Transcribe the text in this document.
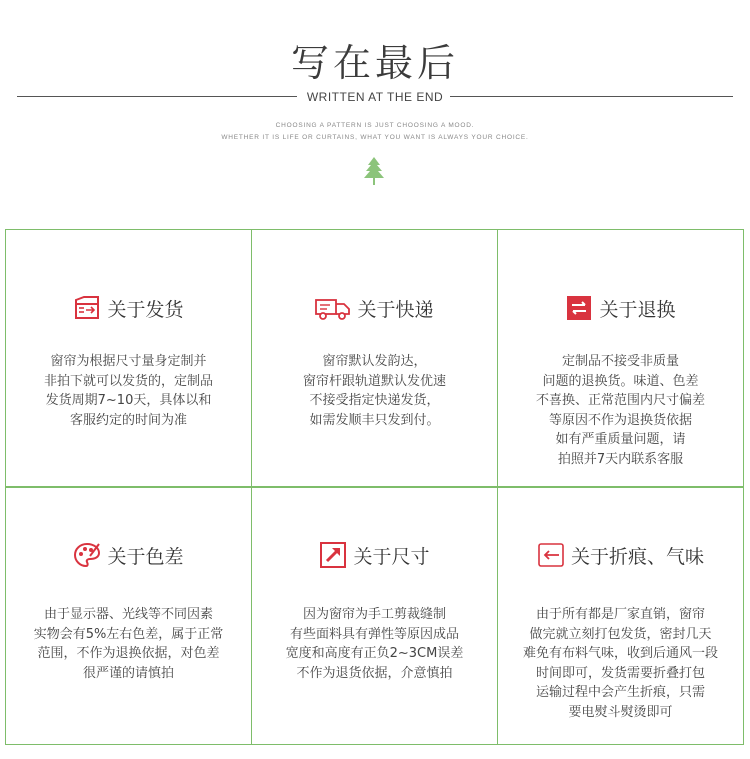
写在最后
WRITTEN AT THE END
CHOOSING A PATTERN IS JUST CHOOSING A MOOD.
WHETHER IT IS LIFE OR CURTAINS, WHAT YOU WANT IS ALWAYS YOUR CHOICE.
关于发货
窗帘为根据尺寸量身定制并
非拍下就可以发货的，定制品
发货周期7~10天，具体以和
客服约定的时间为准
关于快递
窗帘默认发韵达，
窗帘杆跟轨道默认发优速
不接受指定快递发货，
如需发顺丰只发到付。
关于退换
定制品不接受非质量
问题的退换货。味道、色差
不喜换、正常范围内尺寸偏差
等原因不作为退换货依据
如有严重质量问题，请
拍照并7天内联系客服
关于色差
由于显示器、光线等不同因素
实物会有5%左右色差，属于正常
范围，不作为退换依据，对色差
很严谨的请慎拍
关于尺寸
因为窗帘为手工剪裁缝制
有些面料具有弹性等原因成品
宽度和高度有正负2~3CM误差
不作为退货依据，介意慎拍
关于折痕、气味
由于所有都是厂家直销，窗帘
做完就立刻打包发货，密封几天
难免有布料气味，收到后通风一段
时间即可，发货需要折叠打包
运输过程中会产生折痕，只需
要电熨斗熨烫即可
